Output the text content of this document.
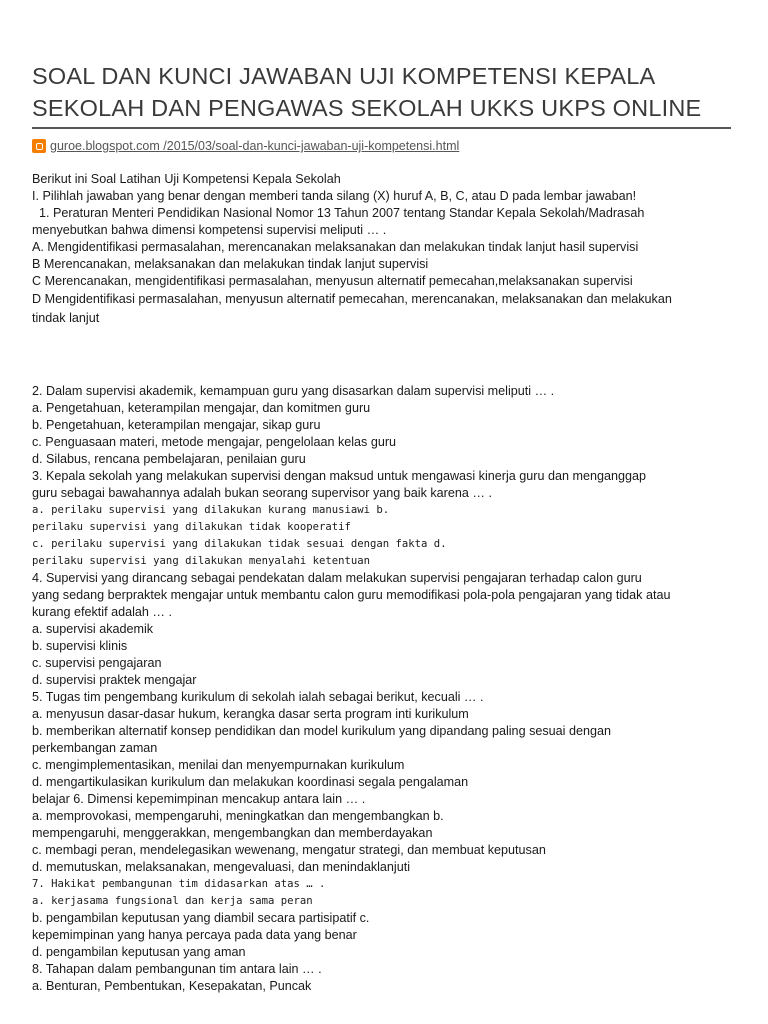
SOAL DAN KUNCI JAWABAN UJI KOMPETENSI KEPALA
SEKOLAH DAN PENGAWAS SEKOLAH UKKS UKPS ONLINE
guroe.blogspot.com /2015/03/soal-dan-kunci-jawaban-uji-kompetensi.html
Berikut ini Soal Latihan Uji Kompetensi Kepala Sekolah
I. Pilihlah jawaban yang benar dengan memberi tanda silang (X) huruf A, B, C, atau D pada lembar jawaban!
1. Peraturan Menteri Pendidikan Nasional Nomor 13 Tahun 2007 tentang Standar Kepala Sekolah/Madrasah
menyebutkan bahwa dimensi kompetensi supervisi meliputi … .
A. Mengidentifikasi permasalahan, merencanakan melaksanakan dan melakukan tindak lanjut hasil supervisi
B Merencanakan, melaksanakan dan melakukan tindak lanjut supervisi
C Merencanakan, mengidentifikasi permasalahan, menyusun alternatif pemecahan,melaksanakan supervisi
D Mengidentifikasi permasalahan, menyusun alternatif pemecahan, merencanakan, melaksanakan dan melakukan
tindak lanjut
2. Dalam supervisi akademik, kemampuan guru yang disasarkan dalam supervisi meliputi … .
a. Pengetahuan, keterampilan mengajar, dan komitmen guru
b. Pengetahuan, keterampilan mengajar, sikap guru
c. Penguasaan materi, metode mengajar, pengelolaan kelas guru
d. Silabus, rencana pembelajaran, penilaian guru
3. Kepala sekolah yang melakukan supervisi dengan maksud untuk mengawasi kinerja guru dan menganggap
guru sebagai bawahannya adalah bukan seorang supervisor yang baik karena … .
a. perilaku supervisi yang dilakukan kurang manusiawi b.
perilaku supervisi yang dilakukan tidak kooperatif
c. perilaku supervisi yang dilakukan tidak sesuai dengan fakta d.
perilaku supervisi yang dilakukan menyalahi ketentuan
4. Supervisi yang dirancang sebagai pendekatan dalam melakukan supervisi pengajaran terhadap calon guru
yang sedang berpraktek mengajar untuk membantu calon guru memodifikasi pola-pola pengajaran yang tidak atau
kurang efektif adalah … .
a. supervisi akademik
b. supervisi klinis
c. supervisi pengajaran
d. supervisi praktek mengajar
5. Tugas tim pengembang kurikulum di sekolah ialah sebagai berikut, kecuali … .
a. menyusun dasar-dasar hukum, kerangka dasar serta program inti kurikulum
b. memberikan alternatif konsep pendidikan dan model kurikulum yang dipandang paling sesuai dengan
perkembangan zaman
c. mengimplementasikan, menilai dan menyempurnakan kurikulum
d. mengartikulasikan kurikulum dan melakukan koordinasi segala pengalaman
belajar 6. Dimensi kepemimpinan mencakup antara lain … .
a. memprovokasi, mempengaruhi, meningkatkan dan mengembangkan b.
mempengaruhi, menggerakkan, mengembangkan dan memberdayakan
c. membagi peran, mendelegasikan wewenang, mengatur strategi, dan membuat keputusan
d. memutuskan, melaksanakan, mengevaluasi, dan menindaklanjuti
7. Hakikat pembangunan tim didasarkan atas … .
a. kerjasama fungsional dan kerja sama peran
b. pengambilan keputusan yang diambil secara partisipatif c.
kepemimpinan yang hanya percaya pada data yang benar
d. pengambilan keputusan yang aman
8. Tahapan dalam pembangunan tim antara lain … .
a. Benturan, Pembentukan, Kesepakatan, Puncak
